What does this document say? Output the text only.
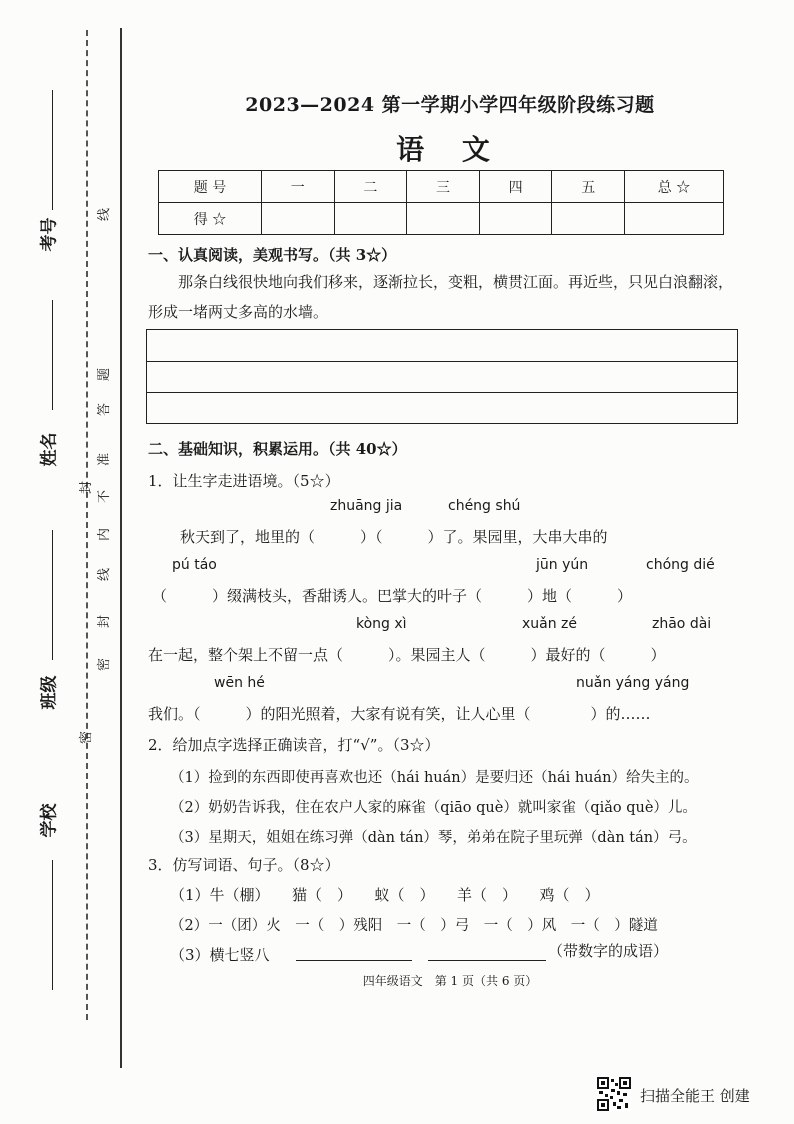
考号
姓名
班级
学校
线
题
答
准
不
内
线
封
密
封
密
2023—2024 第一学期小学四年级阶段练习题
语 文
题 号	一	二	三	四	五	总 ☆
得 ☆						
一、认真阅读，美观书写。（共 3☆）
那条白线很快地向我们移来，逐渐拉长，变粗，横贯江面。再近些，只见白浪翻滚，形成一堵两丈多高的水墙。
二、基础知识，积累运用。（共 40☆）
1．让生字走进语境。（5☆）
zhuāng jia	chéng shú
秋天到了，地里的（　　　）（　　　）了。果园里，大串大串的
pú táo	jūn yún	chóng dié
（　　　）缀满枝头，香甜诱人。巴掌大的叶子（　　　）地（　　　）
kòng xì	xuǎn zé	zhāo dài
在一起，整个架上不留一点（　　　）。果园主人（　　　）最好的（　　　）
wēn hé	nuǎn yáng yáng
我们。（　　　）的阳光照着，大家有说有笑，让人心里（　　　　）的……
2．给加点字选择正确读音，打“√”。（3☆）
（1）捡到的东西即使再喜欢也还（hái huán）是要归还（hái huán）给失主的。
（2）奶奶告诉我，住在农户人家的麻雀（qiāo què）就叫家雀（qiǎo què）儿。
（3）星期天，姐姐在练习弹（dàn tán）琴，弟弟在院子里玩弹（dàn tán）弓。
3．仿写词语、句子。（8☆）
（1）牛（棚）　　猫（　）　　蚁（　）　　羊（　）　　鸡（　）
（2）一（团）火　一（　）残阳　一（　）弓　一（　）风　一（　）隧道
（3）横七竖八	（带数字的成语）
四年级语文　第 1 页（共 6 页）
扫描全能王 创建
